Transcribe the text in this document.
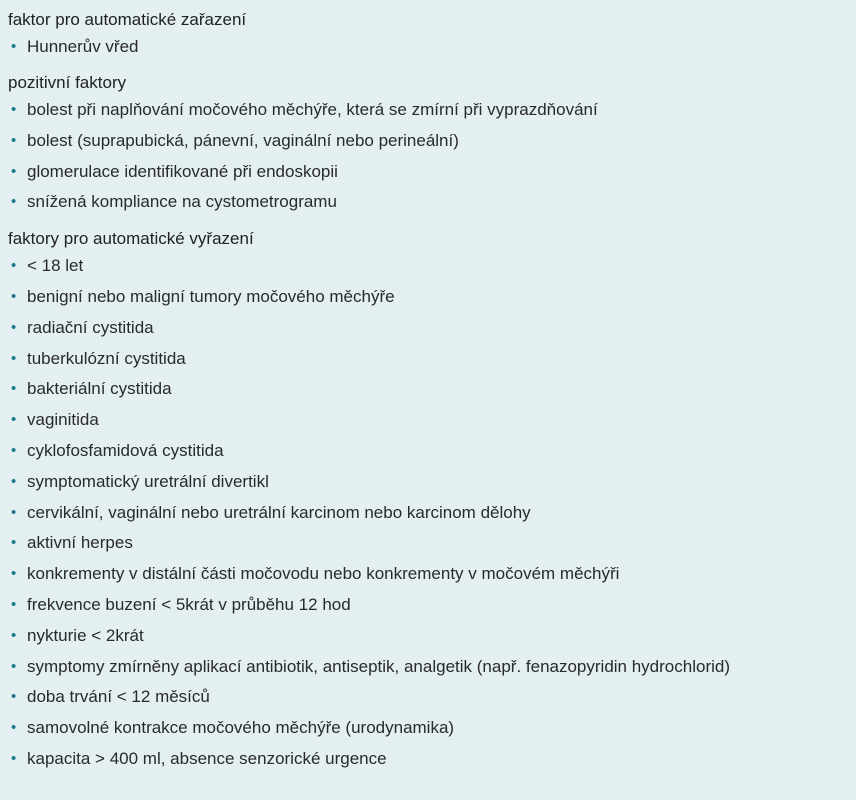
faktor pro automatické zařazení
• Hunnerův vřed
pozitivní faktory
• bolest při naplňování močového měchýře, která se zmírní při vyprazdňování
• bolest (suprapubická, pánevní, vaginální nebo perineální)
• glomerulace identifikované při endoskopii
• snížená kompliance na cystometrogramu
faktory pro automatické vyřazení
• < 18 let
• benigní nebo maligní tumory močového měchýře
• radiační cystitida
• tuberkulózní cystitida
• bakteriální cystitida
• vaginitida
• cyklofosfamidová cystitida
• symptomatický uretrální divertikl
• cervikální, vaginální nebo uretrální karcinom nebo karcinom dělohy
• aktivní herpes
• konkrementy v distální části močovodu nebo konkrementy v močovém měchýři
• frekvence buzení < 5krát v průběhu 12 hod
• nykturie < 2krát
• symptomy zmírněny aplikací antibiotik, antiseptik, analgetik (např. fenazopyridin hydrochlorid)
• doba trvání < 12 měsíců
• samovolné kontrakce močového měchýře (urodynamika)
• kapacita > 400 ml, absence senzorické urgence
